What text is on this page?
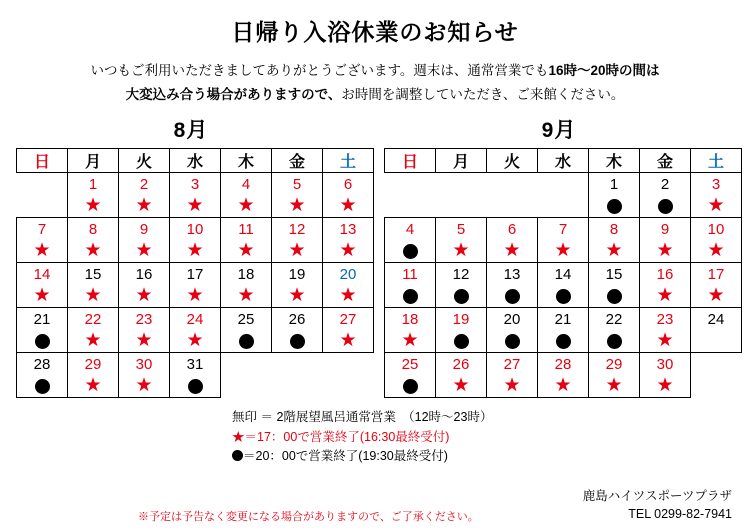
日帰り入浴休業のお知らせ
いつもご利用いただきましてありがとうございます。週末は、通常営業でも16時～20時の間は
大変込み合う場合がありますので、お時間を調整していただき、ご来館ください。
8月
日	月	火	水	木	金	土
	1	2	3	4	5	6
	★	★	★	★	★	★
7	8	9	10	11	12	13
★	★	★	★	★	★	★
14	15	16	17	18	19	20
★	★	★	★	★	★	★
21	22	23	24	25	26	27
	★	★	★			★
28	29	30	31			
	★	★				
9月
日	月	火	水	木	金	土
				1	2	3
						★
4	5	6	7	8	9	10
	★	★	★	★	★	★
11	12	13	14	15	16	17
					★	★
18	19	20	21	22	23	24
★					★	
25	26	27	28	29	30	
	★	★	★	★	★	
無印 ＝ 2階展望風呂通常営業　（12時～23時）
★＝17：00で営業終了(16:30最終受付)
＝20：00で営業終了(19:30最終受付)
※予定は予告なく変更になる場合がありますので、ご了承ください。
鹿島ハイツスポーツプラザ
TEL 0299-82-7941
